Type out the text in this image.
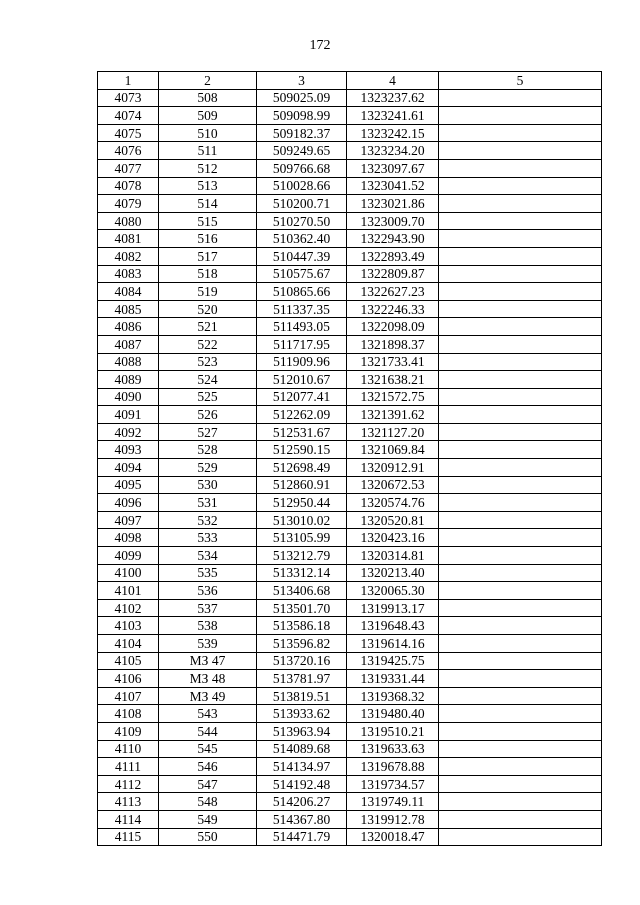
172
1	2	3	4	5
4073	508	509025.09	1323237.62	
4074	509	509098.99	1323241.61	
4075	510	509182.37	1323242.15	
4076	511	509249.65	1323234.20	
4077	512	509766.68	1323097.67	
4078	513	510028.66	1323041.52	
4079	514	510200.71	1323021.86	
4080	515	510270.50	1323009.70	
4081	516	510362.40	1322943.90	
4082	517	510447.39	1322893.49	
4083	518	510575.67	1322809.87	
4084	519	510865.66	1322627.23	
4085	520	511337.35	1322246.33	
4086	521	511493.05	1322098.09	
4087	522	511717.95	1321898.37	
4088	523	511909.96	1321733.41	
4089	524	512010.67	1321638.21	
4090	525	512077.41	1321572.75	
4091	526	512262.09	1321391.62	
4092	527	512531.67	1321127.20	
4093	528	512590.15	1321069.84	
4094	529	512698.49	1320912.91	
4095	530	512860.91	1320672.53	
4096	531	512950.44	1320574.76	
4097	532	513010.02	1320520.81	
4098	533	513105.99	1320423.16	
4099	534	513212.79	1320314.81	
4100	535	513312.14	1320213.40	
4101	536	513406.68	1320065.30	
4102	537	513501.70	1319913.17	
4103	538	513586.18	1319648.43	
4104	539	513596.82	1319614.16	
4105	МЗ 47	513720.16	1319425.75	
4106	МЗ 48	513781.97	1319331.44	
4107	МЗ 49	513819.51	1319368.32	
4108	543	513933.62	1319480.40	
4109	544	513963.94	1319510.21	
4110	545	514089.68	1319633.63	
4111	546	514134.97	1319678.88	
4112	547	514192.48	1319734.57	
4113	548	514206.27	1319749.11	
4114	549	514367.80	1319912.78	
4115	550	514471.79	1320018.47	
